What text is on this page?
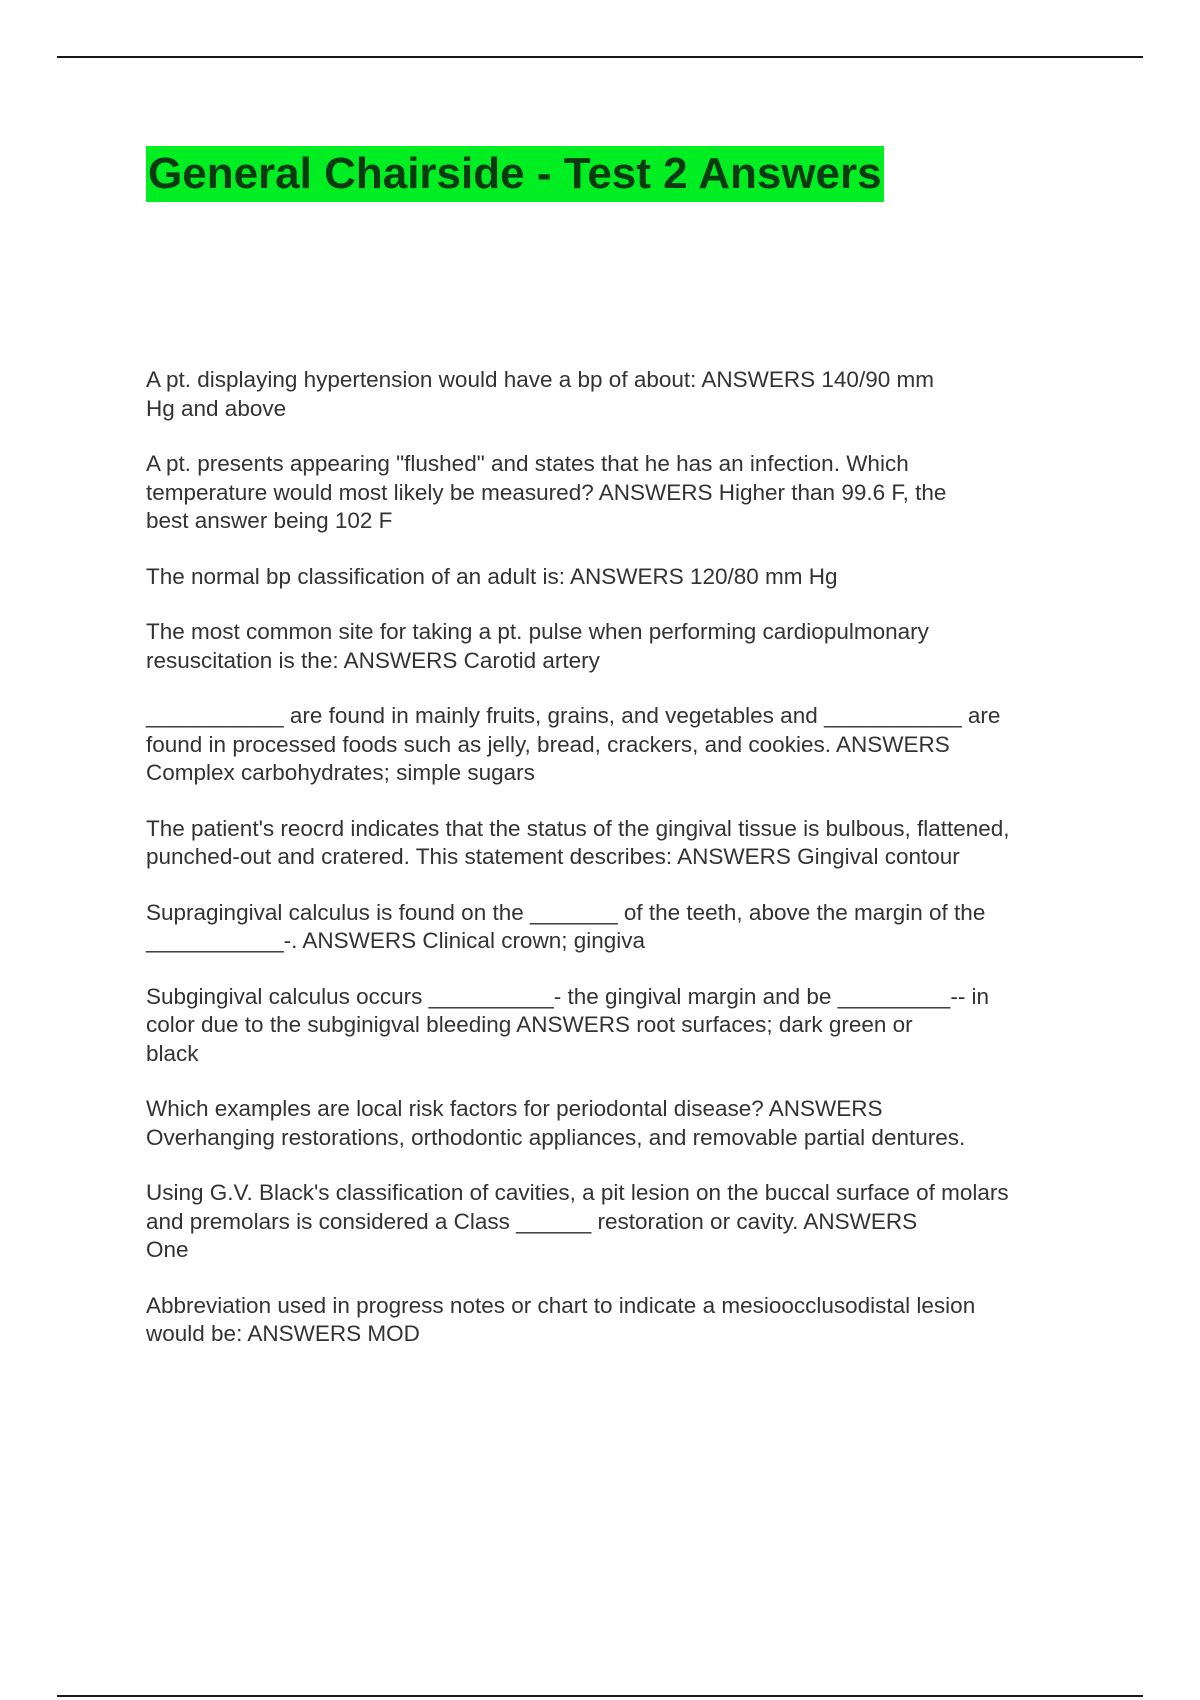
General Chairside - Test 2 Answers

A pt. displaying hypertension would have a bp of about: ANSWERS 140/90 mm
Hg and above

A pt. presents appearing "flushed" and states that he has an infection. Which
temperature would most likely be measured? ANSWERS Higher than 99.6 F, the
best answer being 102 F

The normal bp classification of an adult is: ANSWERS 120/80 mm Hg

The most common site for taking a pt. pulse when performing cardiopulmonary
resuscitation is the: ANSWERS Carotid artery

___________ are found in mainly fruits, grains, and vegetables and ___________ are
found in processed foods such as jelly, bread, crackers, and cookies. ANSWERS
Complex carbohydrates; simple sugars

The patient's reocrd indicates that the status of the gingival tissue is bulbous, flattened,
punched-out and cratered. This statement describes: ANSWERS Gingival contour

Supragingival calculus is found on the _______ of the teeth, above the margin of the
___________-. ANSWERS Clinical crown; gingiva

Subgingival calculus occurs __________- the gingival margin and be _________-- in
color due to the subginigval bleeding ANSWERS root surfaces; dark green or
black

Which examples are local risk factors for periodontal disease? ANSWERS
Overhanging restorations, orthodontic appliances, and removable partial dentures.

Using G.V. Black's classification of cavities, a pit lesion on the buccal surface of molars
and premolars is considered a Class ______ restoration or cavity. ANSWERS
One

Abbreviation used in progress notes or chart to indicate a mesioocclusodistal lesion
would be: ANSWERS MOD
